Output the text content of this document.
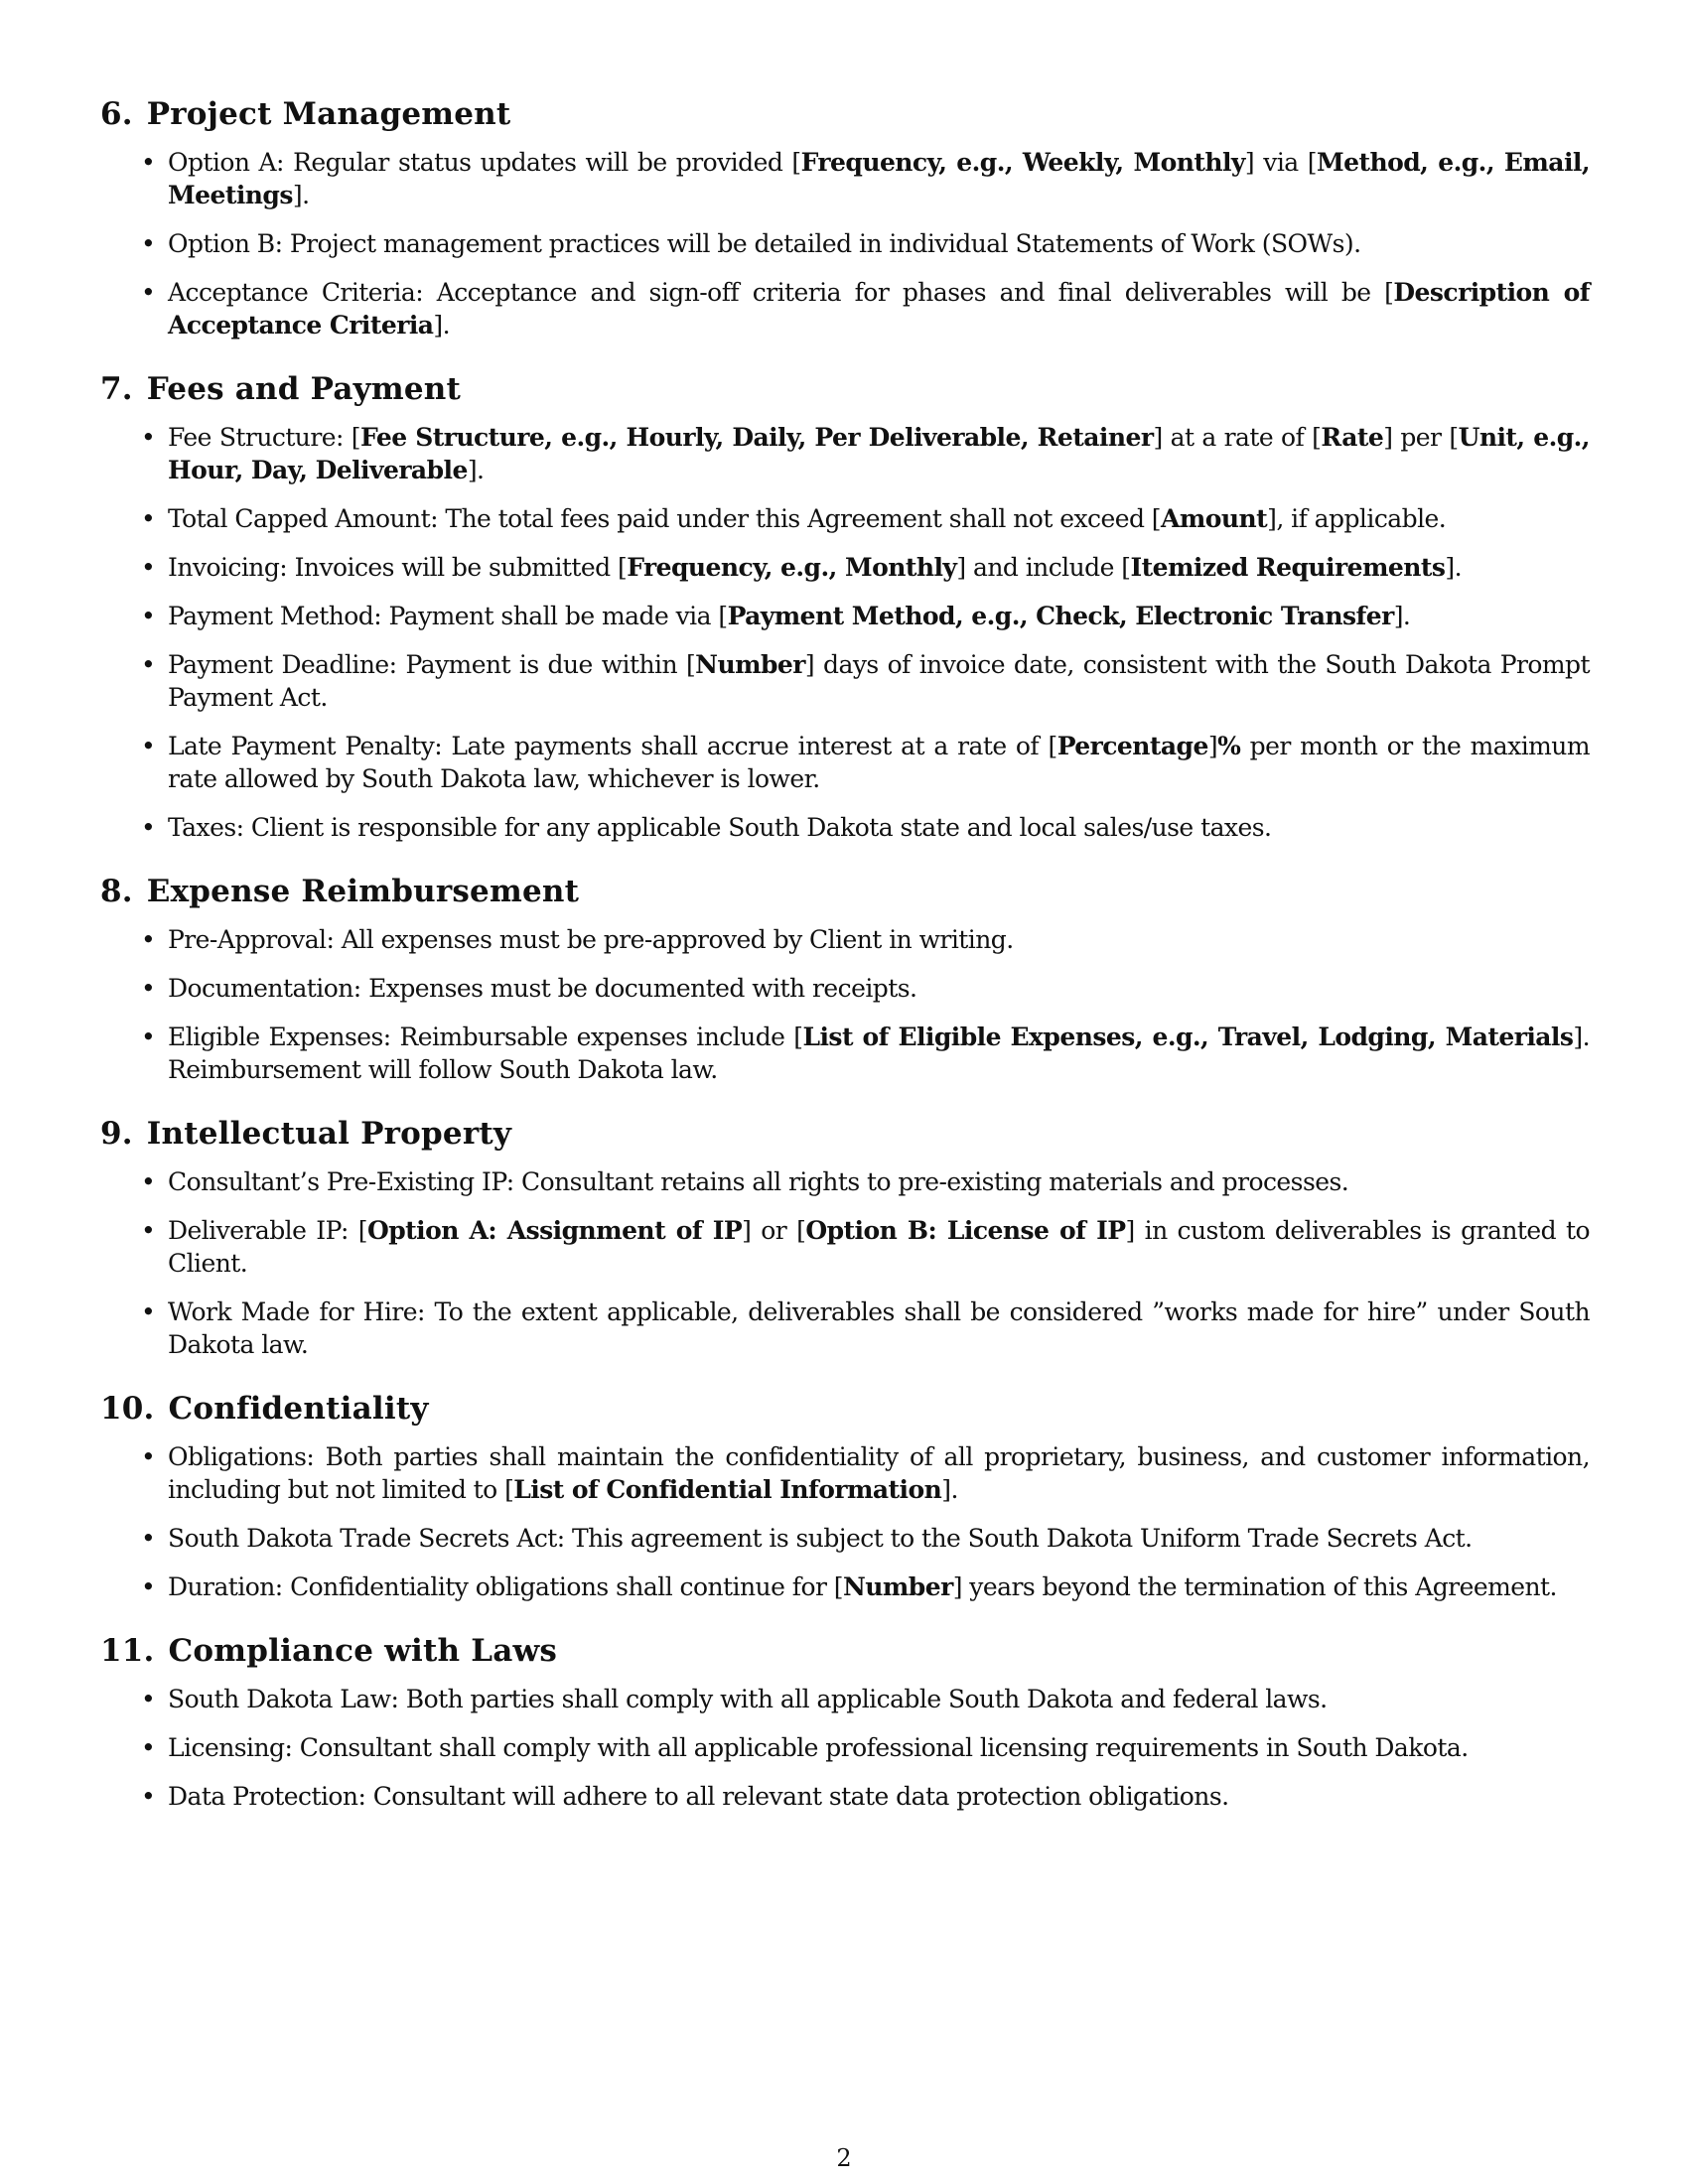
6. Project Management
• Option A: Regular status updates will be provided [Frequency, e.g., Weekly, Monthly] via [Method, e.g., Email, Meetings].
• Option B: Project management practices will be detailed in individual Statements of Work (SOWs).
• Acceptance Criteria: Acceptance and sign-off criteria for phases and final deliverables will be [Description of Acceptance Criteria].
7. Fees and Payment
• Fee Structure: [Fee Structure, e.g., Hourly, Daily, Per Deliverable, Retainer] at a rate of [Rate] per [Unit, e.g., Hour, Day, Deliverable].
• Total Capped Amount: The total fees paid under this Agreement shall not exceed [Amount], if applicable.
• Invoicing: Invoices will be submitted [Frequency, e.g., Monthly] and include [Itemized Requirements].
• Payment Method: Payment shall be made via [Payment Method, e.g., Check, Electronic Transfer].
• Payment Deadline: Payment is due within [Number] days of invoice date, consistent with the South Dakota Prompt Payment Act.
• Late Payment Penalty: Late payments shall accrue interest at a rate of [Percentage]% per month or the maximum rate allowed by South Dakota law, whichever is lower.
• Taxes: Client is responsible for any applicable South Dakota state and local sales/use taxes.
8. Expense Reimbursement
• Pre-Approval: All expenses must be pre-approved by Client in writing.
• Documentation: Expenses must be documented with receipts.
• Eligible Expenses: Reimbursable expenses include [List of Eligible Expenses, e.g., Travel, Lodging, Materials]. Reimbursement will follow South Dakota law.
9. Intellectual Property
• Consultant’s Pre-Existing IP: Consultant retains all rights to pre-existing materials and processes.
• Deliverable IP: [Option A: Assignment of IP] or [Option B: License of IP] in custom deliverables is granted to Client.
• Work Made for Hire: To the extent applicable, deliverables shall be considered ”works made for hire” under South Dakota law.
10. Confidentiality
• Obligations: Both parties shall maintain the confidentiality of all proprietary, business, and customer information, including but not limited to [List of Confidential Information].
• South Dakota Trade Secrets Act: This agreement is subject to the South Dakota Uniform Trade Secrets Act.
• Duration: Confidentiality obligations shall continue for [Number] years beyond the termination of this Agreement.
11. Compliance with Laws
• South Dakota Law: Both parties shall comply with all applicable South Dakota and federal laws.
• Licensing: Consultant shall comply with all applicable professional licensing requirements in South Dakota.
• Data Protection: Consultant will adhere to all relevant state data protection obligations.
2
